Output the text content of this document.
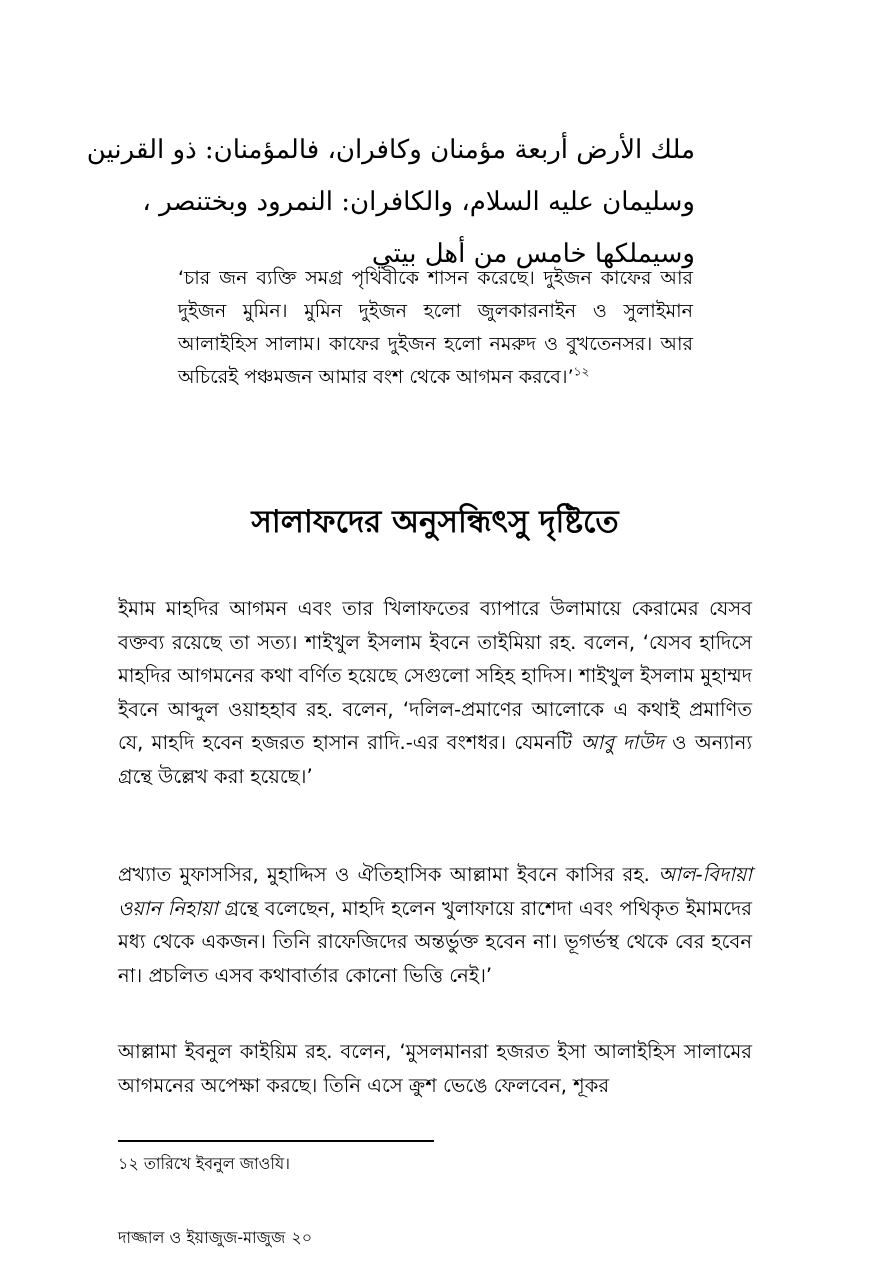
ملك الأرض أربعة مؤمنان وكافران، فالمؤمنان: ذو القرنين

وسليمان عليه السلام، والكافران: النمرود وبختنصر ،

وسيملكها خامس من أهل بيتي

‘চার জন ব্যক্তি সমগ্র পৃথিবীকে শাসন করেছে। দুইজন কাফের আর দুইজন মুমিন। মুমিন দুইজন হলো জুলকারনাইন ও সুলাইমান আলাইহিস সালাম। কাফের দুইজন হলো নমরুদ ও বুখতেনসর। আর অচিরেই পঞ্চমজন আমার বংশ থেকে আগমন করবে।’$^{১২}$

সালাফদের অনুসন্ধিৎসু দৃষ্টিতে

ইমাম মাহদির আগমন এবং তার খিলাফতের ব্যাপারে উলামায়ে কেরামের যেসব বক্তব্য রয়েছে তা সত্য। শাইখুল ইসলাম ইবনে তাইমিয়া রহ. বলেন, ‘যেসব হাদিসে মাহদির আগমনের কথা বর্ণিত হয়েছে সেগুলো সহিহ হাদিস। শাইখুল ইসলাম মুহাম্মদ ইবনে আব্দুল ওয়াহহাব রহ. বলেন, ‘দলিল-প্রমাণের আলোকে এ কথাই প্রমাণিত যে, মাহদি হবেন হজরত হাসান রাদি.-এর বংশধর। যেমনটি আবু দাউদ ও অন্যান্য গ্রন্থে উল্লেখ করা হয়েছে।’

প্রখ্যাত মুফাসসির, মুহাদ্দিস ও ঐতিহাসিক আল্লামা ইবনে কাসির রহ. আল-বিদায়া ওয়ান নিহায়া গ্রন্থে বলেছেন, মাহদি হলেন খুলাফায়ে রাশেদা এবং পথিকৃত ইমামদের মধ্য থেকে একজন। তিনি রাফেজিদের অন্তর্ভুক্ত হবেন না। ভূগর্ভস্থ থেকে বের হবেন না। প্রচলিত এসব কথাবার্তার কোনো ভিত্তি নেই।’

আল্লামা ইবনুল কাইয়িম রহ. বলেন, ‘মুসলমানরা হজরত ইসা আলাইহিস সালামের আগমনের অপেক্ষা করছে। তিনি এসে ক্রুশ ভেঙে ফেলবেন, শূকর

১২ তারিখে ইবনুল জাওযি।

দাজ্জাল ও ইয়াজুজ-মাজুজ ২০
